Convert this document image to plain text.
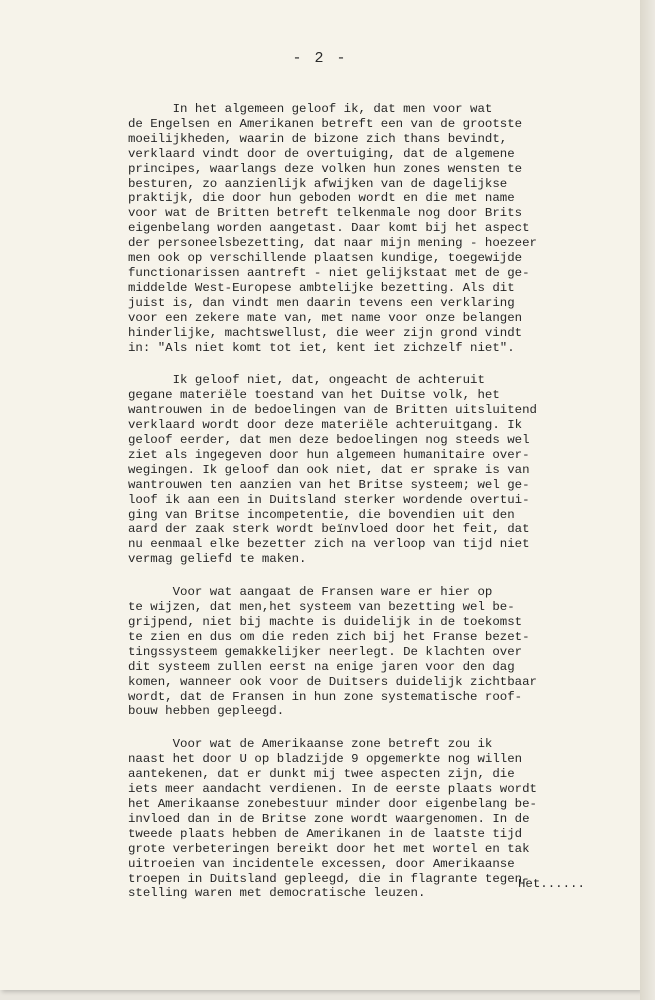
- 2 -
In het algemeen geloof ik, dat men voor wat
de Engelsen en Amerikanen betreft een van de grootste
moeilijkheden, waarin de bizone zich thans bevindt,
verklaard vindt door de overtuiging, dat de algemene
principes, waarlangs deze volken hun zones wensten te
besturen, zo aanzienlijk afwijken van de dagelijkse
praktijk, die door hun geboden wordt en die met name
voor wat de Britten betreft telkenmale nog door Brits
eigenbelang worden aangetast. Daar komt bij het aspect
der personeelsbezetting, dat naar mijn mening - hoezeer
men ook op verschillende plaatsen kundige, toegewijde
functionarissen aantreft - niet gelijkstaat met de ge-
middelde West-Europese ambtelijke bezetting. Als dit
juist is, dan vindt men daarin tevens een verklaring
voor een zekere mate van, met name voor onze belangen
hinderlijke, machtswellust, die weer zijn grond vindt
in: "Als niet komt tot iet, kent iet zichzelf niet".
Ik geloof niet, dat, ongeacht de achteruit
gegane materiële toestand van het Duitse volk, het
wantrouwen in de bedoelingen van de Britten uitsluitend
verklaard wordt door deze materiële achteruitgang. Ik
geloof eerder, dat men deze bedoelingen nog steeds wel
ziet als ingegeven door hun algemeen humanitaire over-
wegingen. Ik geloof dan ook niet, dat er sprake is van
wantrouwen ten aanzien van het Britse systeem; wel ge-
loof ik aan een in Duitsland sterker wordende overtui-
ging van Britse incompetentie, die bovendien uit den
aard der zaak sterk wordt beïnvloed door het feit, dat
nu eenmaal elke bezetter zich na verloop van tijd niet
vermag geliefd te maken.
Voor wat aangaat de Fransen ware er hier op
te wijzen, dat men,het systeem van bezetting wel be-
grijpend, niet bij machte is duidelijk in de toekomst
te zien en dus om die reden zich bij het Franse bezet-
tingssysteem gemakkelijker neerlegt. De klachten over
dit systeem zullen eerst na enige jaren voor den dag
komen, wanneer ook voor de Duitsers duidelijk zichtbaar
wordt, dat de Fransen in hun zone systematische roof-
bouw hebben gepleegd.
Voor wat de Amerikaanse zone betreft zou ik
naast het door U op bladzijde 9 opgemerkte nog willen
aantekenen, dat er dunkt mij twee aspecten zijn, die
iets meer aandacht verdienen. In de eerste plaats wordt
het Amerikaanse zonebestuur minder door eigenbelang be-
invloed dan in de Britse zone wordt waargenomen. In de
tweede plaats hebben de Amerikanen in de laatste tijd
grote verbeteringen bereikt door het met wortel en tak
uitroeien van incidentele excessen, door Amerikaanse
troepen in Duitsland gepleegd, die in flagrante tegen-
stelling waren met democratische leuzen.
Het......
